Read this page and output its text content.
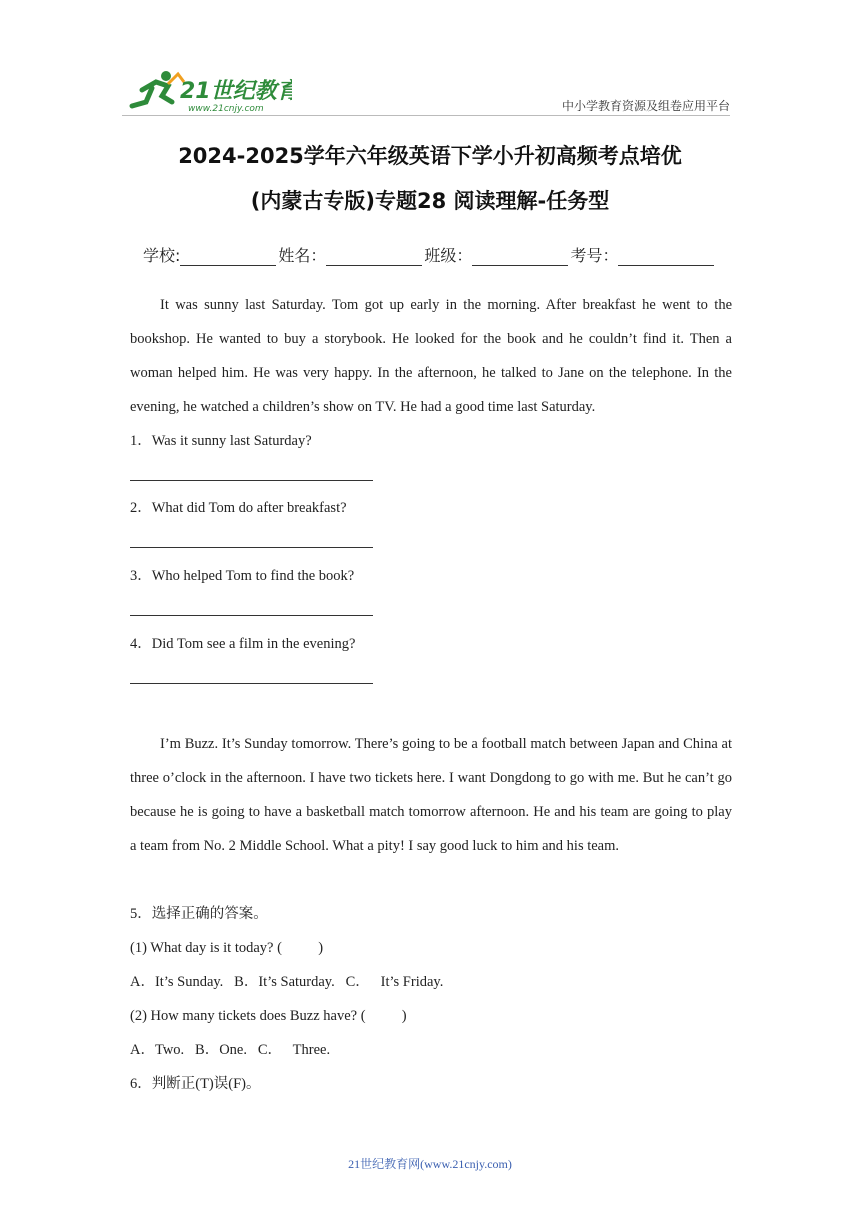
21世纪教育
www.21cnjy.com	中小学教育资源及组卷应用平台
2024-2025学年六年级英语下学小升初高频考点培优
(内蒙古专版)专题28 阅读理解-任务型
学校:	姓名：	班级：	考号：
It was sunny last Saturday. Tom got up early in the morning. After breakfast he went to the bookshop. He wanted to buy a storybook. He looked for the book and he couldn’t find it. Then a woman helped him. He was very happy. In the afternoon, he talked to Jane on the telephone. In the evening, he watched a children’s show on TV. He had a good time last Saturday.
1．Was it sunny last Saturday?
2．What did Tom do after breakfast?
3．Who helped Tom to find the book?
4．Did Tom see a film in the evening?
I’m Buzz. It’s Sunday tomorrow. There’s going to be a football match between Japan and China at three o’clock in the afternoon. I have two tickets here. I want Dongdong to go with me. But he can’t go because he is going to have a basketball match tomorrow afternoon. He and his team are going to play a team from No. 2 Middle School. What a pity! I say good luck to him and his team.
5．选择正确的答案。
(1) What day is it today? (          )
A．It’s Sunday.   B．It’s Saturday.   C．   It’s Friday.
(2) How many tickets does Buzz have? (          )
A．Two.   B．One.   C．   Three.
6．判断正(T)误(F)。
21世纪教育网(www.21cnjy.com)
